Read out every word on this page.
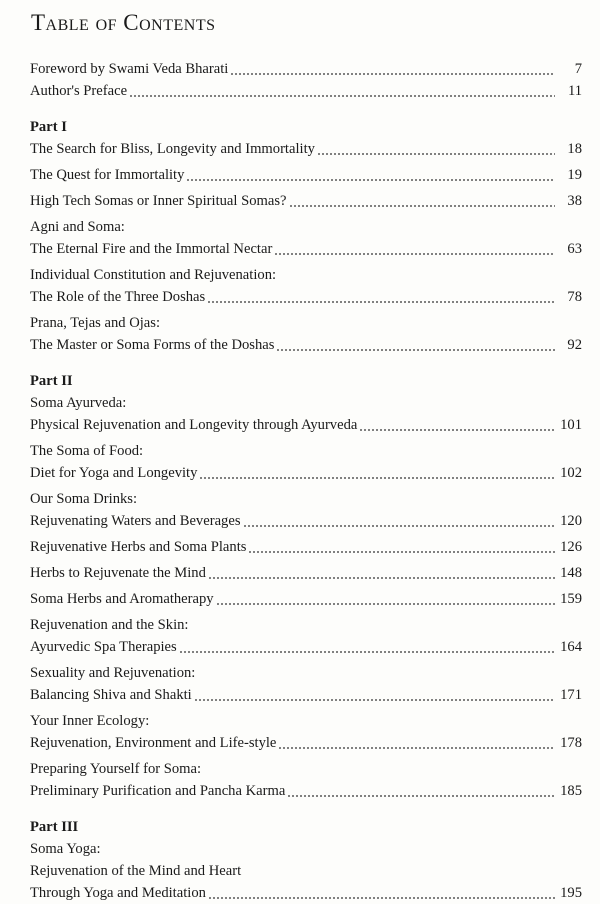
Table of Contents
Foreword by Swami Veda Bharati	7
Author's Preface	11
Part I
The Search for Bliss, Longevity and Immortality	18
The Quest for Immortality	19
High Tech Somas or Inner Spiritual Somas?	38
Agni and Soma:
The Eternal Fire and the Immortal Nectar	63
Individual Constitution and Rejuvenation:
The Role of the Three Doshas	78
Prana, Tejas and Ojas:
The Master or Soma Forms of the Doshas	92
Part II
Soma Ayurveda:
Physical Rejuvenation and Longevity through Ayurveda	101
The Soma of Food:
Diet for Yoga and Longevity	102
Our Soma Drinks:
Rejuvenating Waters and Beverages	120
Rejuvenative Herbs and Soma Plants	126
Herbs to Rejuvenate the Mind	148
Soma Herbs and Aromatherapy	159
Rejuvenation and the Skin:
Ayurvedic Spa Therapies	164
Sexuality and Rejuvenation:
Balancing Shiva and Shakti	171
Your Inner Ecology:
Rejuvenation, Environment and Life-style	178
Preparing Yourself for Soma:
Preliminary Purification and Pancha Karma	185
Part III
Soma Yoga:
Rejuvenation of the Mind and Heart
Through Yoga and Meditation	195
